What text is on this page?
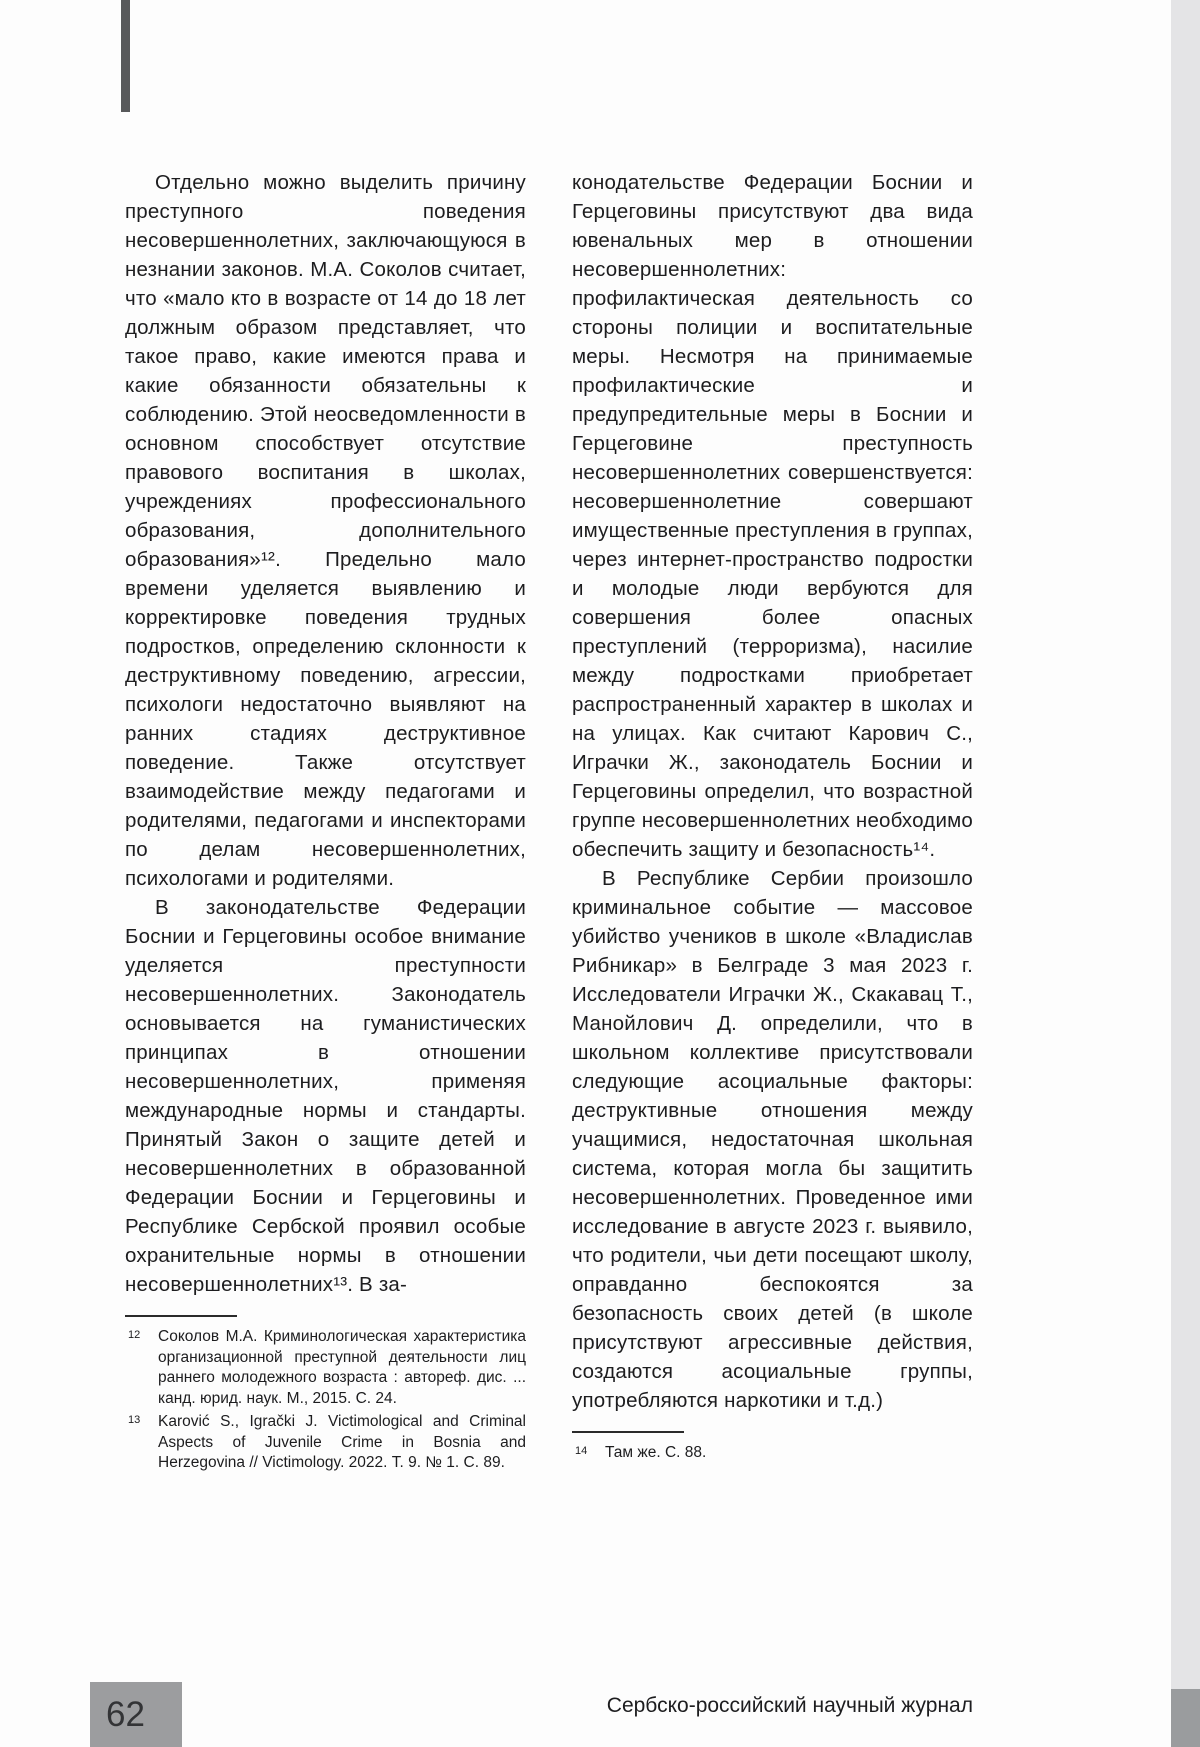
Отдельно можно выделить причину преступного поведения несовершеннолетних, заключающуюся в незнании законов. М.А. Соколов считает, что «мало кто в возрасте от 14 до 18 лет должным образом представляет, что такое право, какие имеются права и какие обязанности обязательны к соблюдению. Этой неосведомленности в основном способствует отсутствие правового воспитания в школах, учреждениях профессионального образования, дополнительного образования»¹². Предельно мало времени уделяется выявлению и корректировке поведения трудных подростков, определению склонности к деструктивному поведению, агрессии, психологи недостаточно выявляют на ранних стадиях деструктивное поведение. Также отсутствует взаимодействие между педагогами и родителями, педагогами и инспекторами по делам несовершеннолетних, психологами и родителями.

В законодательстве Федерации Боснии и Герцеговины особое внимание уделяется преступности несовершеннолетних. Законодатель основывается на гуманистических принципах в отношении несовершеннолетних, применяя международные нормы и стандарты. Принятый Закон о защите детей и несовершеннолетних в образованной Федерации Боснии и Герцеговины и Республике Сербской проявил особые охранительные нормы в отношении несовершеннолетних¹³. В за-

12 Соколов М.А. Криминологическая характеристика организационной преступной деятельности лиц раннего молодежного возраста : автореф. дис. ... канд. юрид. наук. М., 2015. С. 24.
13 Karović S., Igrački J. Victimological and Criminal Aspects of Juvenile Crime in Bosnia and Herzegovina // Victimology. 2022. Т. 9. № 1. С. 89.

конодательстве Федерации Боснии и Герцеговины присутствуют два вида ювенальных мер в отношении несовершеннолетних: профилактическая деятельность со стороны полиции и воспитательные меры. Несмотря на принимаемые профилактические и предупредительные меры в Боснии и Герцеговине преступность несовершеннолетних совершенствуется: несовершеннолетние совершают имущественные преступления в группах, через интернет-пространство подростки и молодые люди вербуются для совершения более опасных преступлений (терроризма), насилие между подростками приобретает распространенный характер в школах и на улицах. Как считают Карович С., Играчки Ж., законодатель Боснии и Герцеговины определил, что возрастной группе несовершеннолетних необходимо обеспечить защиту и безопасность¹⁴.

В Республике Сербии произошло криминальное событие — массовое убийство учеников в школе «Владислав Рибникар» в Белграде 3 мая 2023 г. Исследователи Играчки Ж., Скакавац Т., Манойлович Д. определили, что в школьном коллективе присутствовали следующие асоциальные факторы: деструктивные отношения между учащимися, недостаточная школьная система, которая могла бы защитить несовершеннолетних. Проведенное ими исследование в августе 2023 г. выявило, что родители, чьи дети посещают школу, оправданно беспокоятся за безопасность своих детей (в школе присутствуют агрессивные действия, создаются асоциальные группы, употребляются наркотики и т.д.)

14 Там же. С. 88.
62	Сербско-российский научный журнал
